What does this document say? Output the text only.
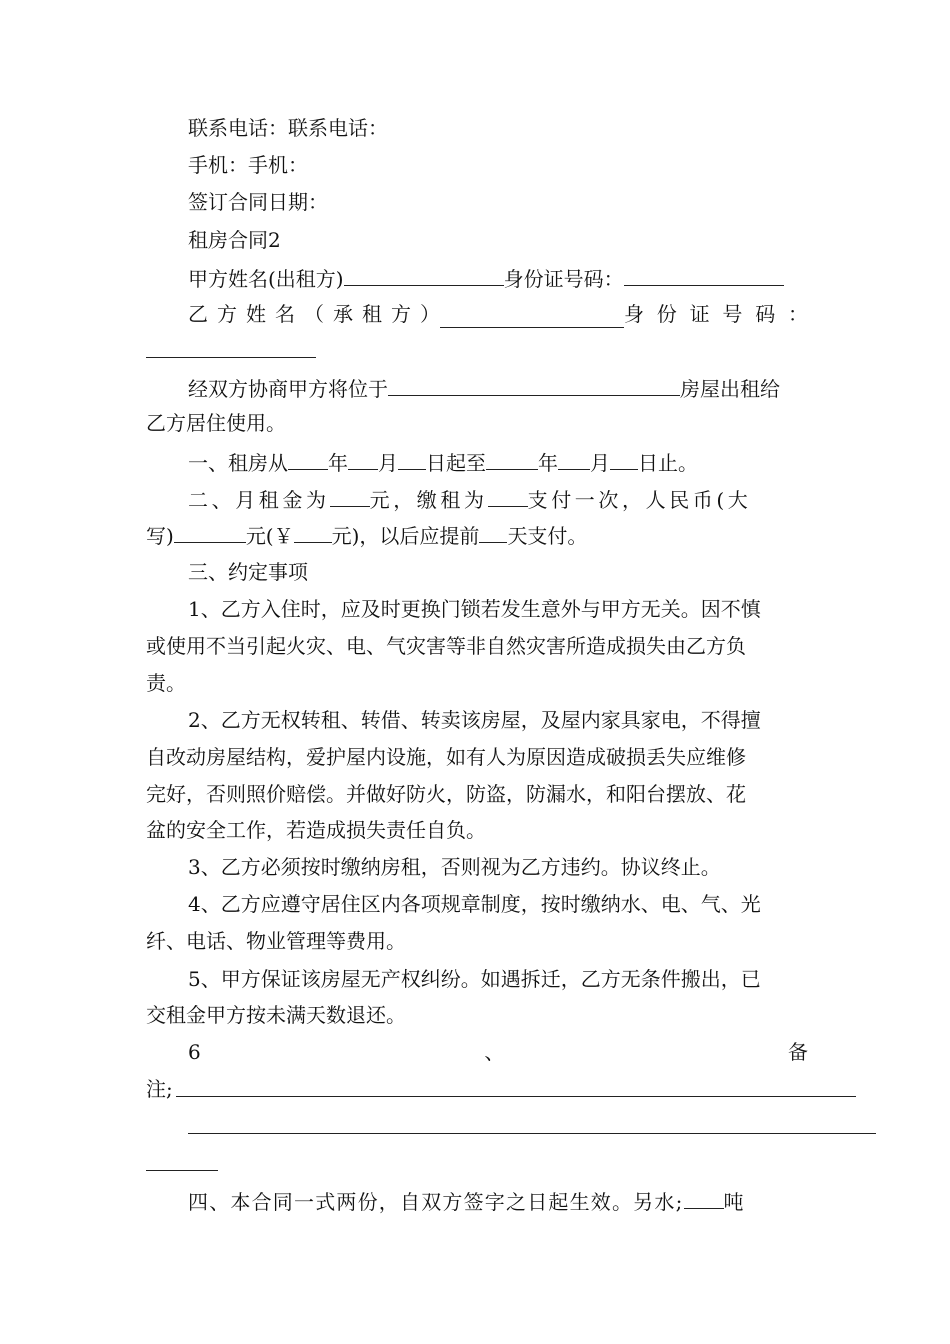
联系电话：联系电话：
手机：手机：
签订合同日期：
租房合同2
甲方姓名(出租方)	身份证号码：
乙 方 姓 名 （ 承 租 方 ）	身 份 证 号 码 ：
经双方协商甲方将位于	房屋出租给
乙方居住使用。
一、租房从 年 月 日起至	年 月 日止。
二、月租金为 元，缴租为 支付一次，人民币(大
写)	元(￥ 元)，以后应提前 天支付。
三、约定事项
1、乙方入住时，应及时更换门锁若发生意外与甲方无关。因不慎
或使用不当引起火灾、电、气灾害等非自然灾害所造成损失由乙方负
责。
2、乙方无权转租、转借、转卖该房屋，及屋内家具家电，不得擅
自改动房屋结构，爱护屋内设施，如有人为原因造成破损丢失应维修
完好，否则照价赔偿。并做好防火，防盗，防漏水，和阳台摆放、花
盆的安全工作，若造成损失责任自负。
3、乙方必须按时缴纳房租，否则视为乙方违约。协议终止。
4、乙方应遵守居住区内各项规章制度，按时缴纳水、电、气、光
纤、电话、物业管理等费用。
5、甲方保证该房屋无产权纠纷。如遇拆迁，乙方无条件搬出，已
交租金甲方按未满天数退还。
6	、	备
注;
四、本合同一式两份，自双方签字之日起生效。另水; 吨
